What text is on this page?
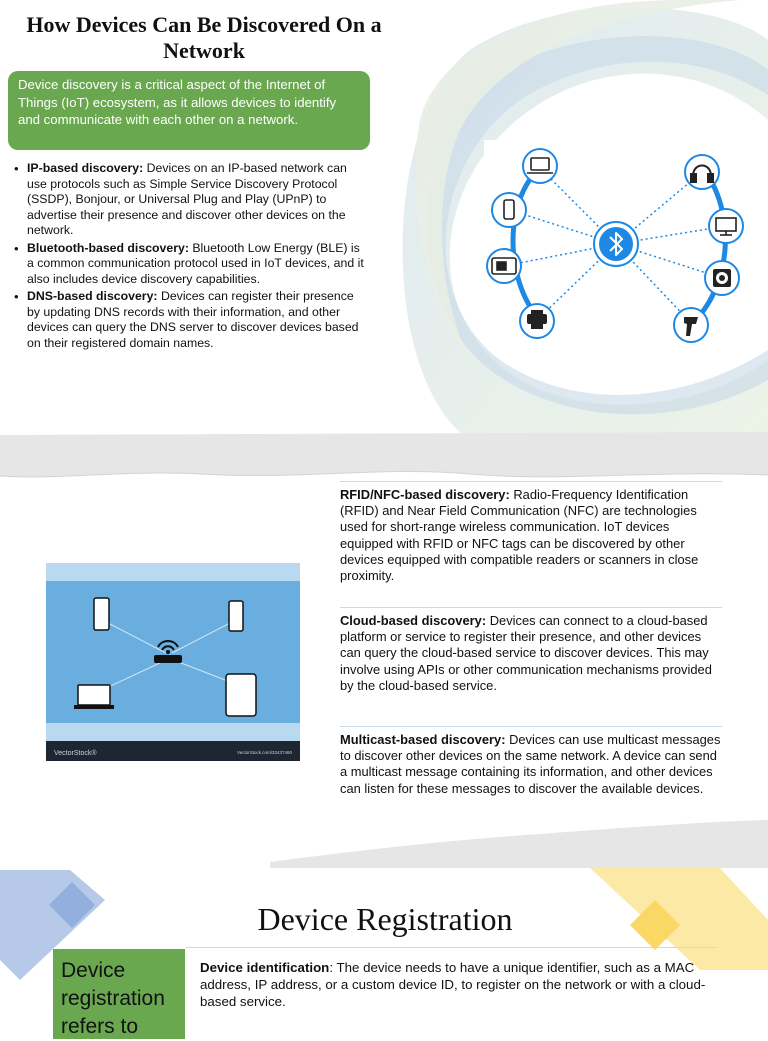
How Devices Can Be Discovered On a Network
Device discovery is a critical aspect of the Internet of Things (IoT) ecosystem, as it allows devices to identify and communicate with each other on a network.
• IP-based discovery: Devices on an IP-based network can use protocols such as Simple Service Discovery Protocol (SSDP), Bonjour, or Universal Plug and Play (UPnP) to advertise their presence and discover other devices on the network.
• Bluetooth-based discovery: Bluetooth Low Energy (BLE) is a common communication protocol used in IoT devices, and it also includes device discovery capabilities.
• DNS-based discovery: Devices can register their presence by updating DNS records with their information, and other devices can query the DNS server to discover devices based on their registered domain names.
VectorStock®	VectorStock.com/32437460
RFID/NFC-based discovery: Radio-Frequency Identification (RFID) and Near Field Communication (NFC) are technologies used for short-range wireless communication. IoT devices equipped with RFID or NFC tags can be discovered by other devices equipped with compatible readers or scanners in close proximity.
Cloud-based discovery: Devices can connect to a cloud-based platform or service to register their presence, and other devices can query the cloud-based service to discover devices. This may involve using APIs or other communication mechanisms provided by the cloud-based service.
Multicast-based discovery: Devices can use multicast messages to discover other devices on the same network. A device can send a multicast message containing its information, and other devices can listen for these messages to discover the available devices.
Device Registration
Device registration refers to
Device identification: The device needs to have a unique identifier, such as a MAC address, IP address, or a custom device ID, to register on the network or with a cloud-based service.
